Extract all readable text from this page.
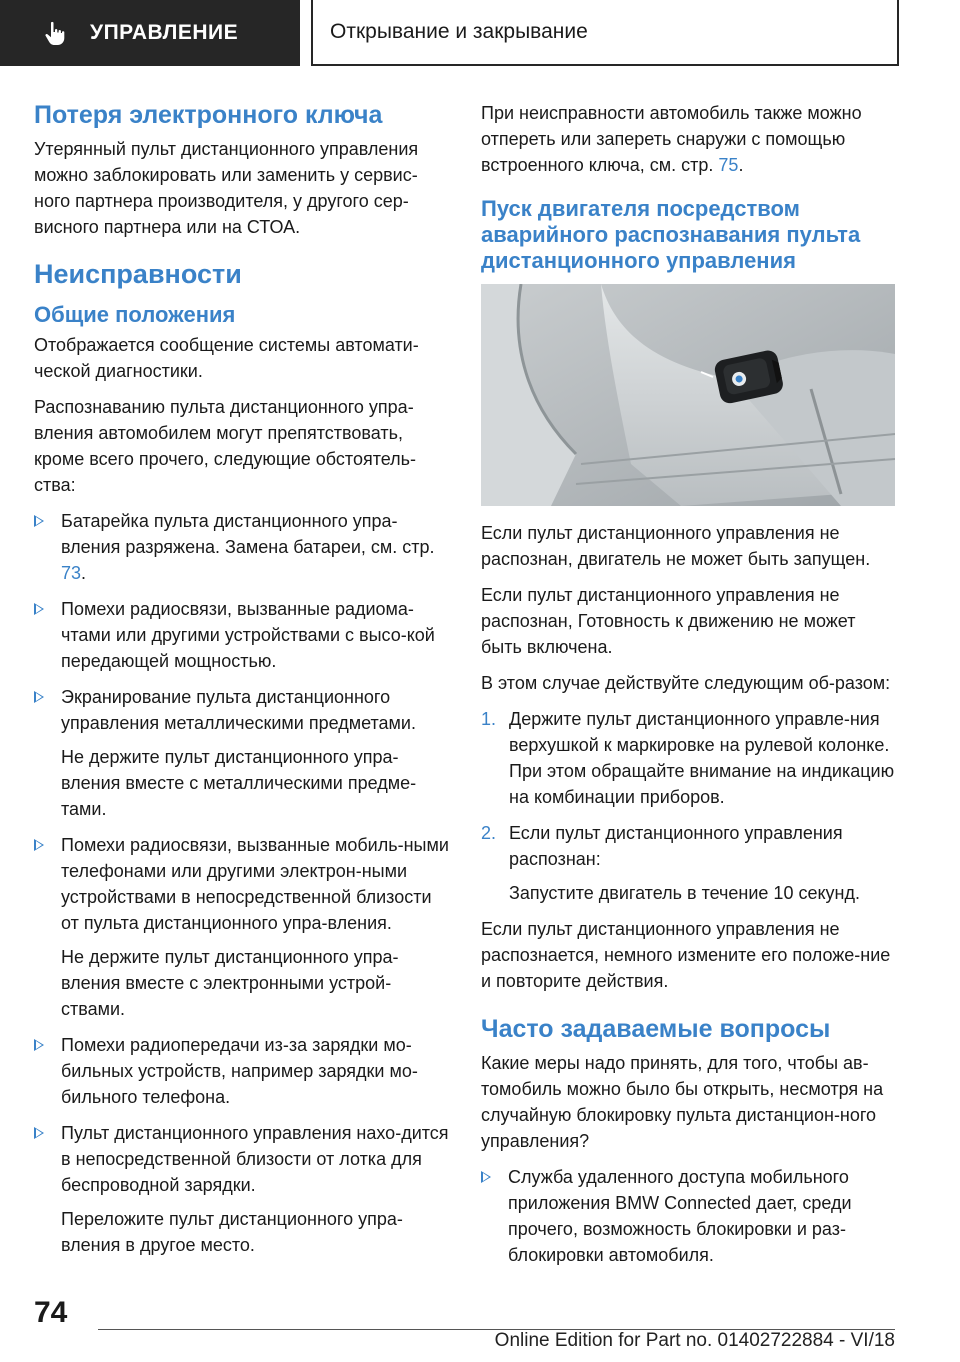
УПРАВЛЕНИЕ	Открывание и закрывание
Потеря электронного ключа

Утерянный пульт дистанционного управления можно заблокировать или заменить у сервис-ного партнера производителя, у другого сер-висного партнера или на СТОА.

Неисправности
Общие положения

Отображается сообщение системы автомати-ческой диагностики.

Распознаванию пульта дистанционного упра-вления автомобилем могут препятствовать, кроме всего прочего, следующие обстоятель-ства:

Батарейка пульта дистанционного упра-вления разряжена. Замена батареи, см. стр. 73.
Помехи радиосвязи, вызванные радиома-чтами или другими устройствами с высо-кой передающей мощностью.
Экранирование пульта дистанционного управления металлическими предметами.

Не держите пульт дистанционного упра-вления вместе с металлическими предме-тами.

Помехи радиосвязи, вызванные мобиль-ными телефонами или другими электрон-ными устройствами в непосредственной близости от пульта дистанционного упра-вления.

Не держите пульт дистанционного упра-вления вместе с электронными устрой-ствами.

Помехи радиопередачи из-за зарядки мо-бильных устройств, например зарядки мо-бильного телефона.
Пульт дистанционного управления нахо-дится в непосредственной близости от лотка для беспроводной зарядки.

Переложите пульт дистанционного упра-вления в другое место.

При неисправности автомобиль также можно отпереть или запереть снаружи с помощью встроенного ключа, см. стр. 75.

Пуск двигателя посредством аварийного распознавания пульта дистанционного управления

Если пульт дистанционного управления не распознан, двигатель не может быть запущен.

Если пульт дистанционного управления не распознан, Готовность к движению не может быть включена.

В этом случае действуйте следующим об-разом:

1. Держите пульт дистанционного управле-ния верхушкой к маркировке на рулевой колонке. При этом обращайте внимание на индикацию на комбинации приборов.
2. Если пульт дистанционного управления распознан:

Запустите двигатель в течение 10 секунд.

Если пульт дистанционного управления не распознается, немного измените его положе-ние и повторите действия.

Часто задаваемые вопросы

Какие меры надо принять, для того, чтобы ав-томобиль можно было бы открыть, несмотря на случайную блокировку пульта дистанцион-ного управления?

Служба удаленного доступа мобильного приложения BMW Connected дает, среди прочего, возможность блокировки и раз-блокировки автомобиля.
74
Online Edition for Part no. 01402722884 - VI/18
